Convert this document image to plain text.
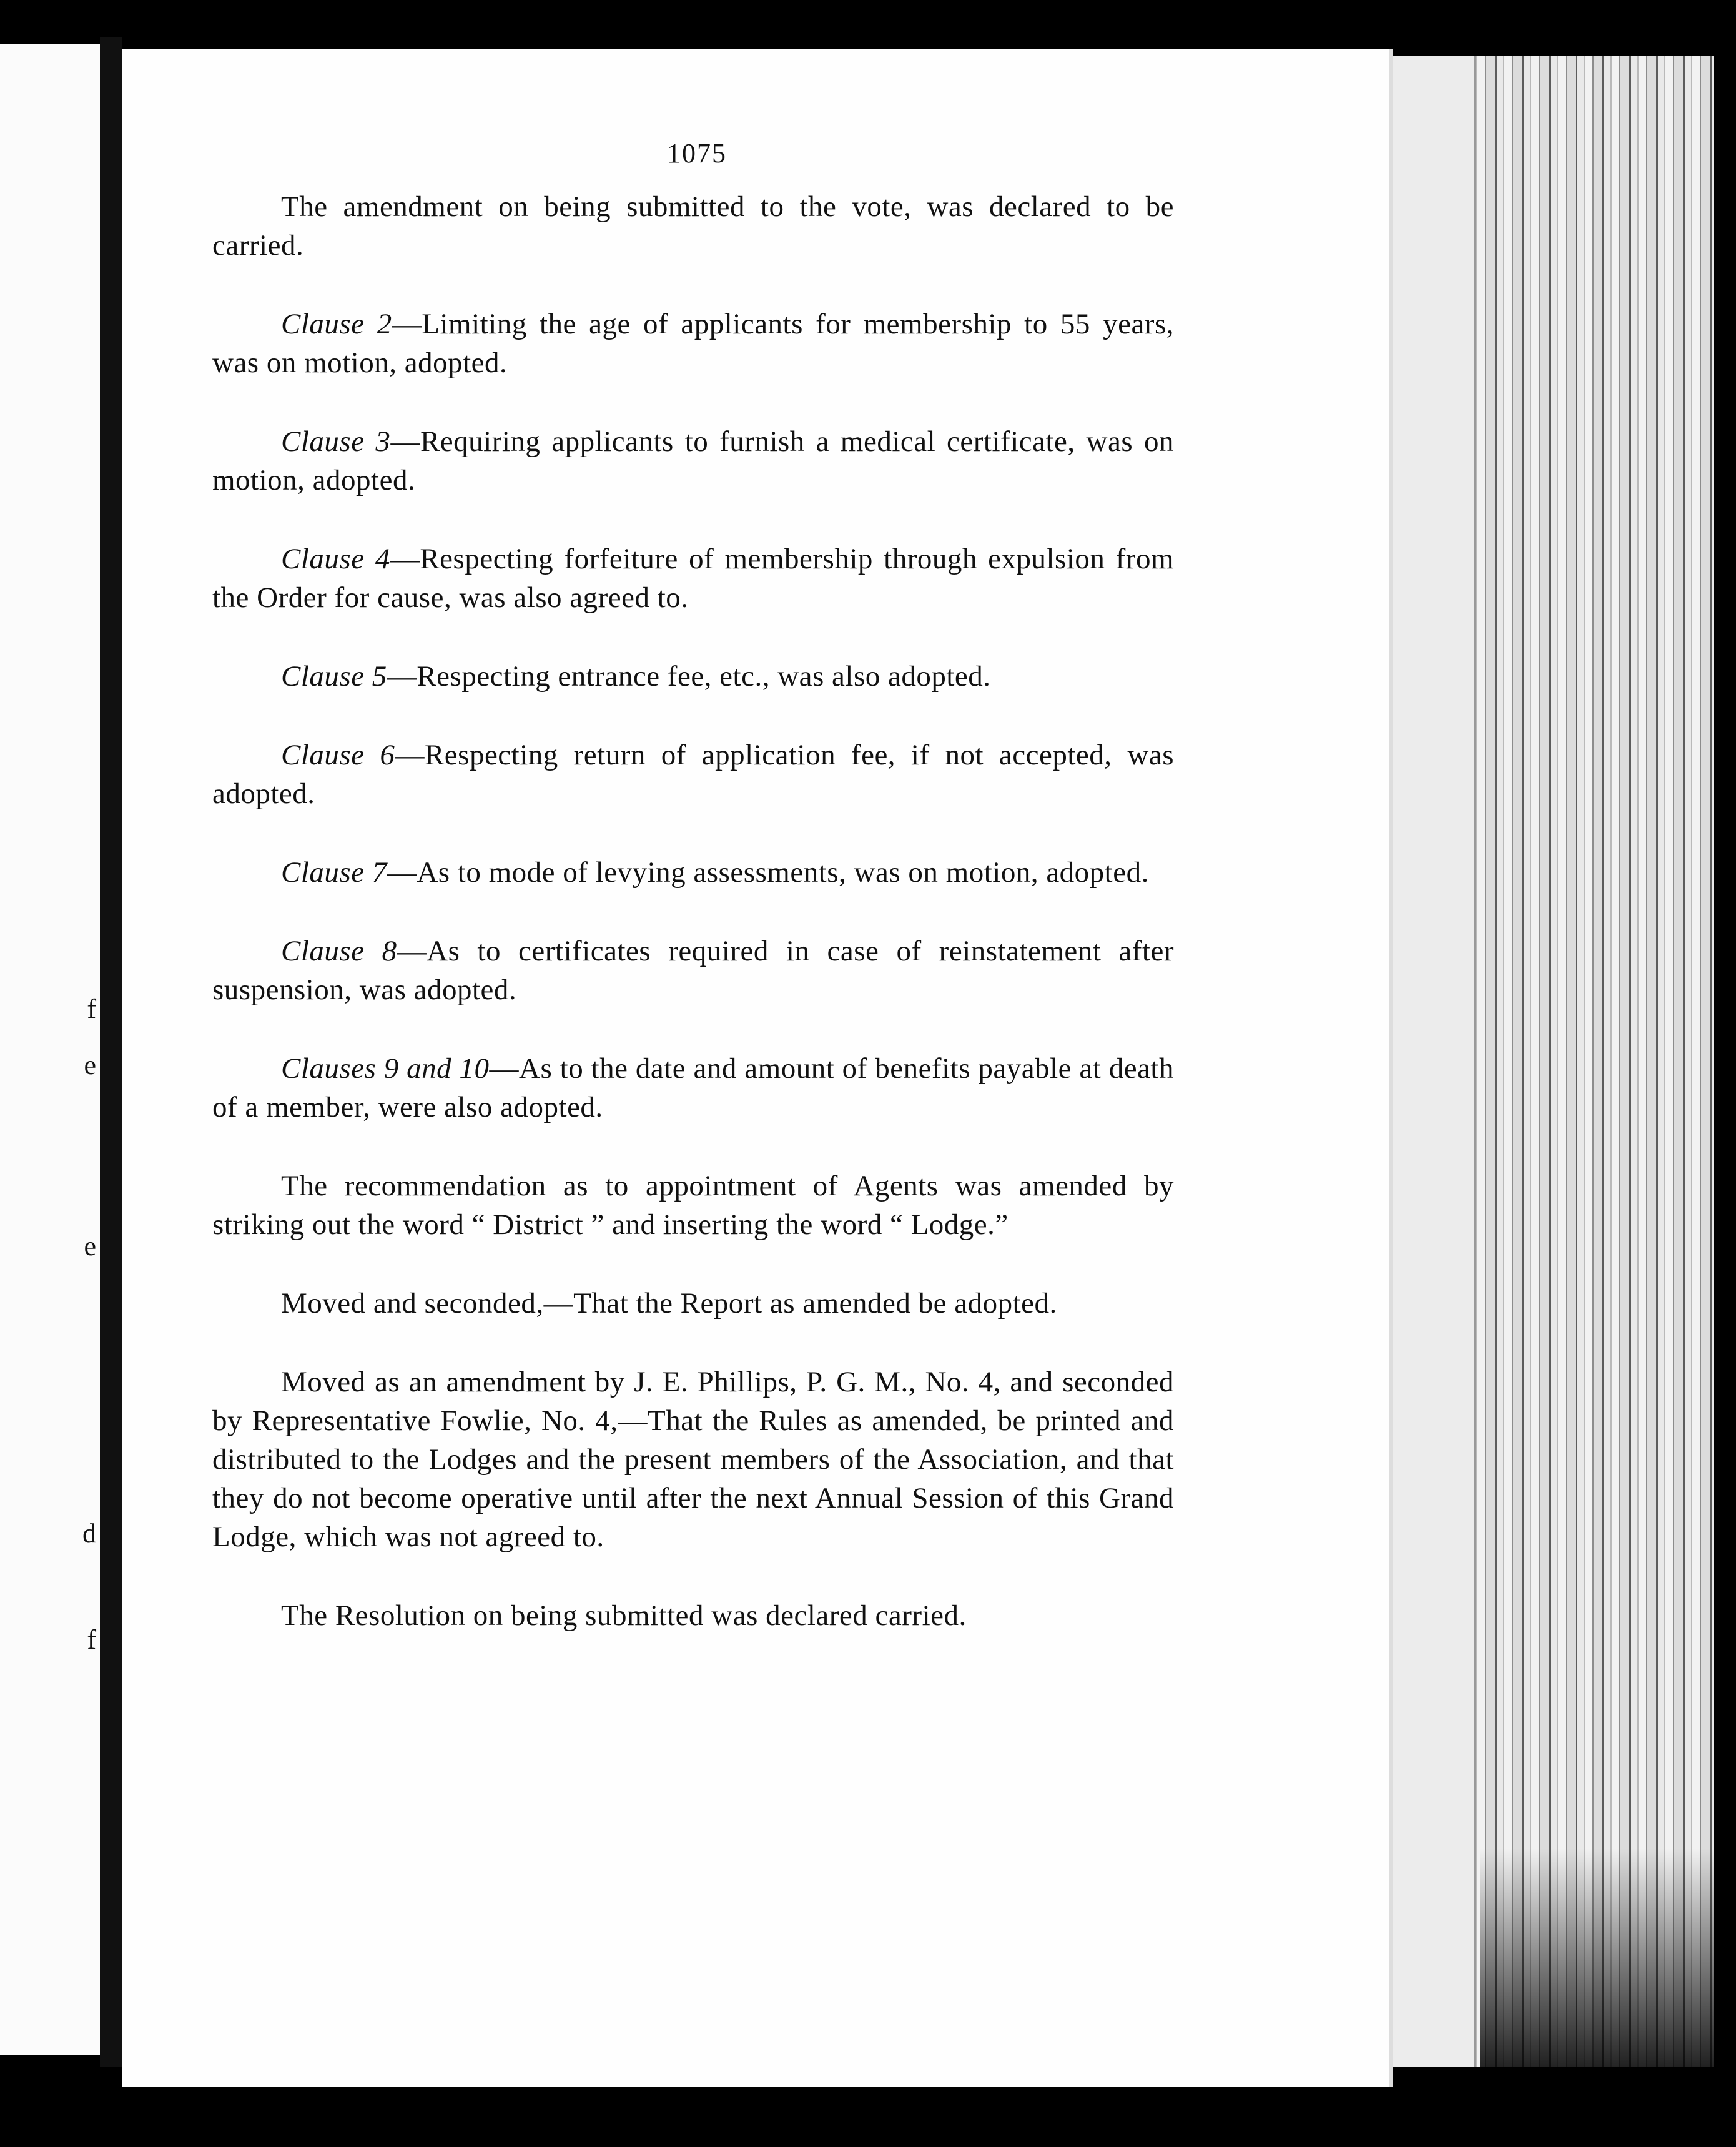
f
e
e
d
f
1075

The amendment on being submitted to the vote, was declared to be carried.

Clause 2—Limiting the age of applicants for membership to 55 years, was on motion, adopted.

Clause 3—Requiring applicants to furnish a medical certificate, was on motion, adopted.

Clause 4—Respecting forfeiture of membership through expulsion from the Order for cause, was also agreed to.

Clause 5—Respecting entrance fee, etc., was also adopted.

Clause 6—Respecting return of application fee, if not accepted, was adopted.

Clause 7—As to mode of levying assessments, was on motion, adopted.

Clause 8—As to certificates required in case of reinstatement after suspension, was adopted.

Clauses 9 and 10—As to the date and amount of benefits payable at death of a member, were also adopted.

The recommendation as to appointment of Agents was amended by striking out the word “ District ” and inserting the word “ Lodge.”

Moved and seconded,—That the Report as amended be adopted.

Moved as an amendment by J. E. Phillips, P. G. M., No. 4, and seconded by Representative Fowlie, No. 4,—That the Rules as amended, be printed and distributed to the Lodges and the present members of the Association, and that they do not become operative until after the next Annual Session of this Grand Lodge, which was not agreed to.

The Resolution on being submitted was declared carried.
